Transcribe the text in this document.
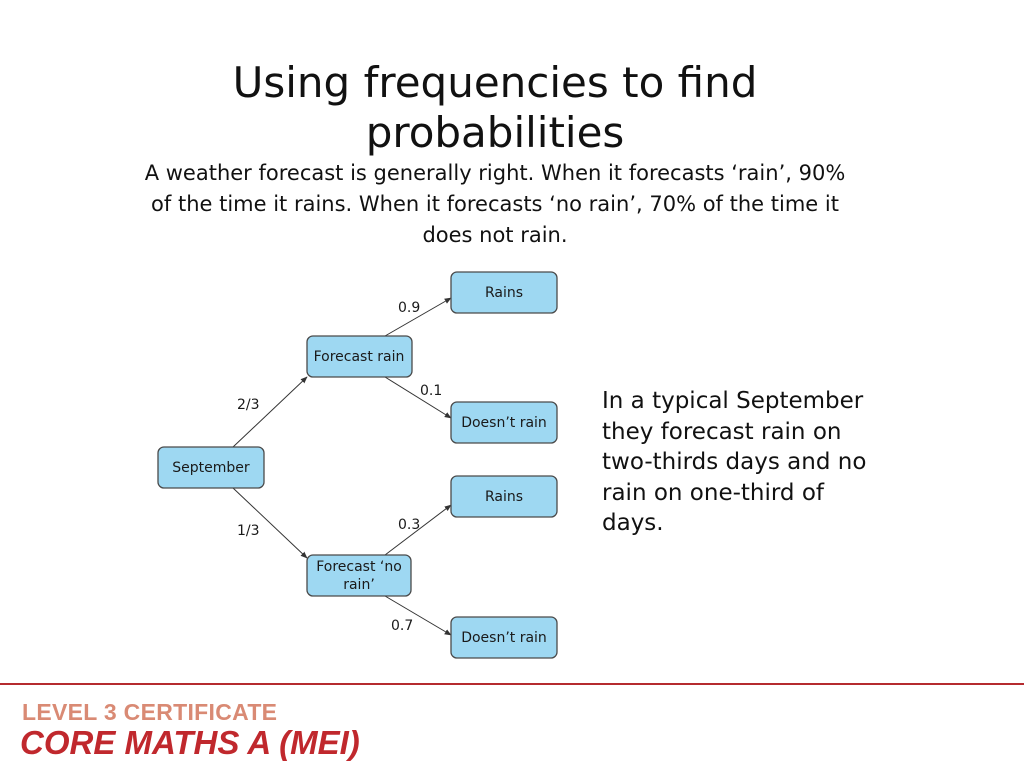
Using frequencies to find probabilities
A weather forecast is generally right. When it forecasts ‘rain’, 90% of the time it rains. When it forecasts ‘no rain’, 70% of the time it does not rain.
2/3
1/3
0.9
0.1
0.3
0.7
September
Forecast rain
Forecast ‘no
rain’
Rains
Doesn’t rain
Rains
Doesn’t rain
In a typical September they forecast rain on two-thirds days and no rain on one-third of days.
LEVEL 3 CERTIFICATE
CORE MATHS A (MEI)
